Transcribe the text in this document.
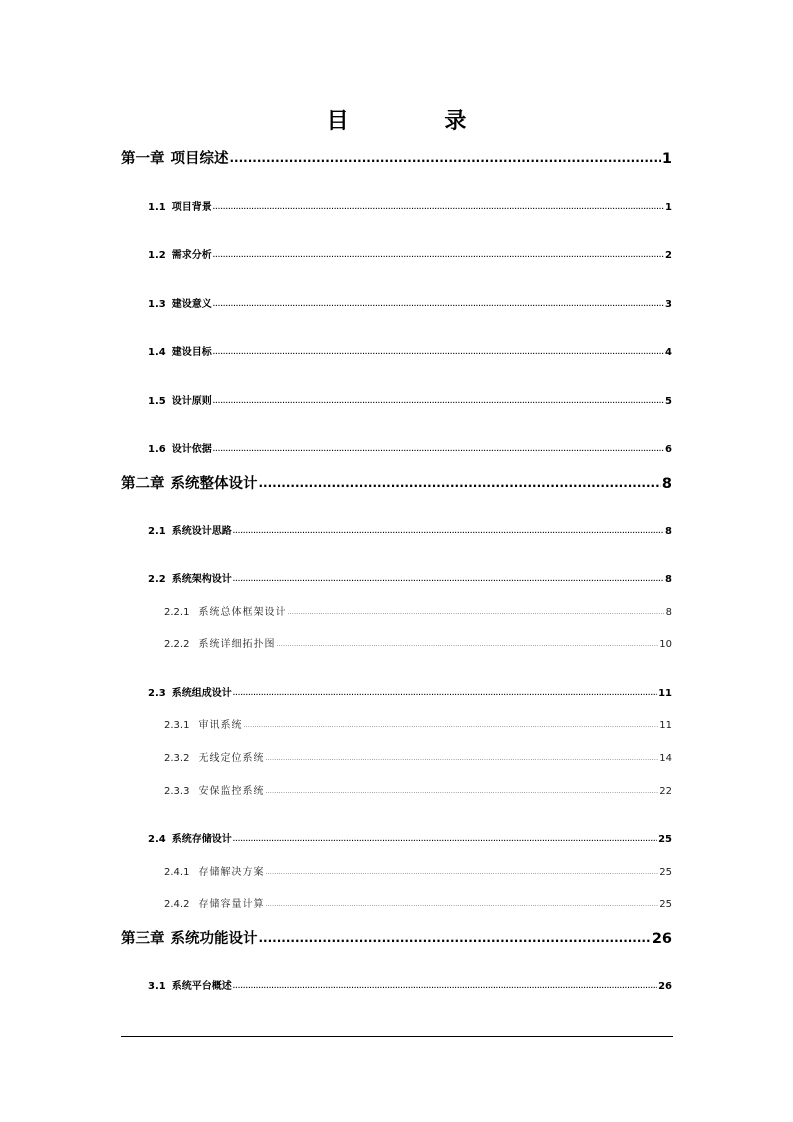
目 录
第一章 项目综述 .....	1
1.1 项目背景 .....	1
1.2 需求分析 .....	2
1.3 建设意义 .....	3
1.4 建设目标 .....	4
1.5 设计原则 .....	5
1.6 设计依据 .....	6
第二章 系统整体设计 .....	8
2.1 系统设计思路 .....	8
2.2 系统架构设计 .....	8
2.2.1 系统总体框架设计 .....	8
2.2.2 系统详细拓扑图 .....	10
2.3 系统组成设计 .....	11
2.3.1 审讯系统 .....	11
2.3.2 无线定位系统 .....	14
2.3.3 安保监控系统 .....	22
2.4 系统存储设计 .....	25
2.4.1 存储解决方案 .....	25
2.4.2 存储容量计算 .....	25
第三章 系统功能设计 .....	26
3.1 系统平台概述 .....	26
